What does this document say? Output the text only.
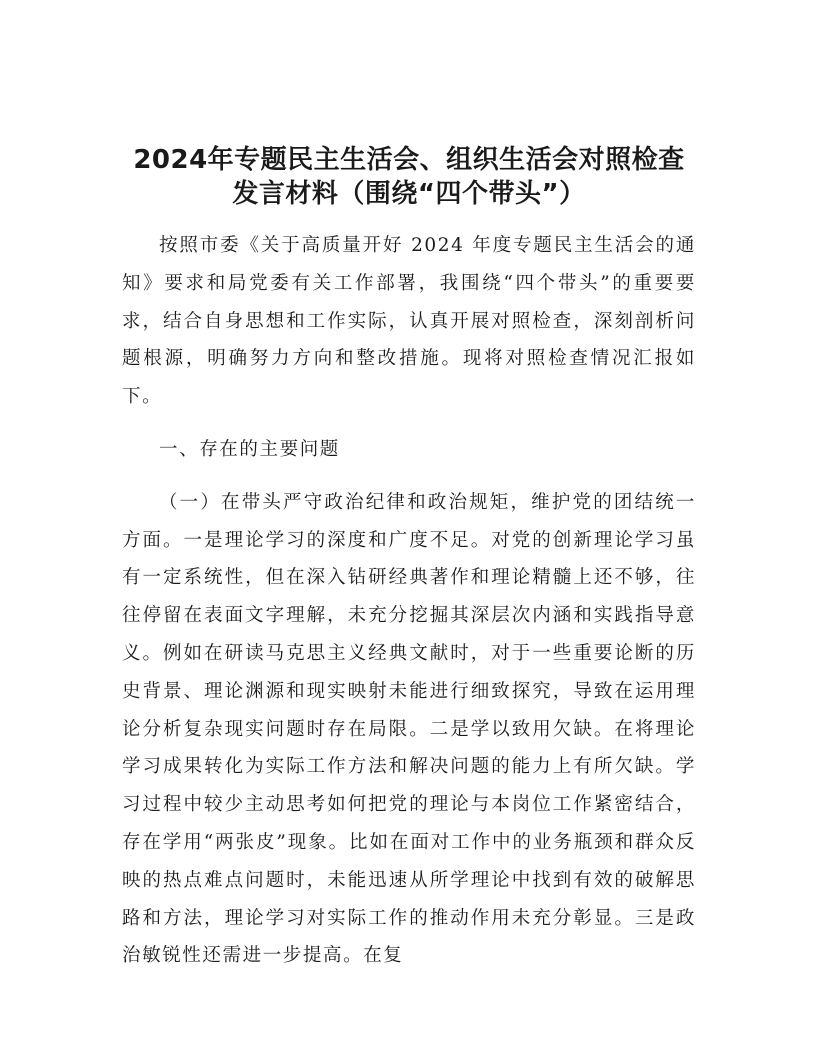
2024年专题民主生活会、组织生活会对照检查
发言材料（围绕“四个带头”）

按照市委《关于高质量开好 2024 年度专题民主生活会的通知》要求和局党委有关工作部署，我围绕“四个带头”的重要要求，结合自身思想和工作实际，认真开展对照检查，深刻剖析问题根源，明确努力方向和整改措施。现将对照检查情况汇报如下。

一、存在的主要问题

（一）在带头严守政治纪律和政治规矩，维护党的团结统一方面。一是理论学习的深度和广度不足。对党的创新理论学习虽有一定系统性，但在深入钻研经典著作和理论精髓上还不够，往往停留在表面文字理解，未充分挖掘其深层次内涵和实践指导意义。例如在研读马克思主义经典文献时，对于一些重要论断的历史背景、理论渊源和现实映射未能进行细致探究，导致在运用理论分析复杂现实问题时存在局限。二是学以致用欠缺。在将理论学习成果转化为实际工作方法和解决问题的能力上有所欠缺。学习过程中较少主动思考如何把党的理论与本岗位工作紧密结合，存在学用“两张皮”现象。比如在面对工作中的业务瓶颈和群众反映的热点难点问题时，未能迅速从所学理论中找到有效的破解思路和方法，理论学习对实际工作的推动作用未充分彰显。三是政治敏锐性还需进一步提高。在复
